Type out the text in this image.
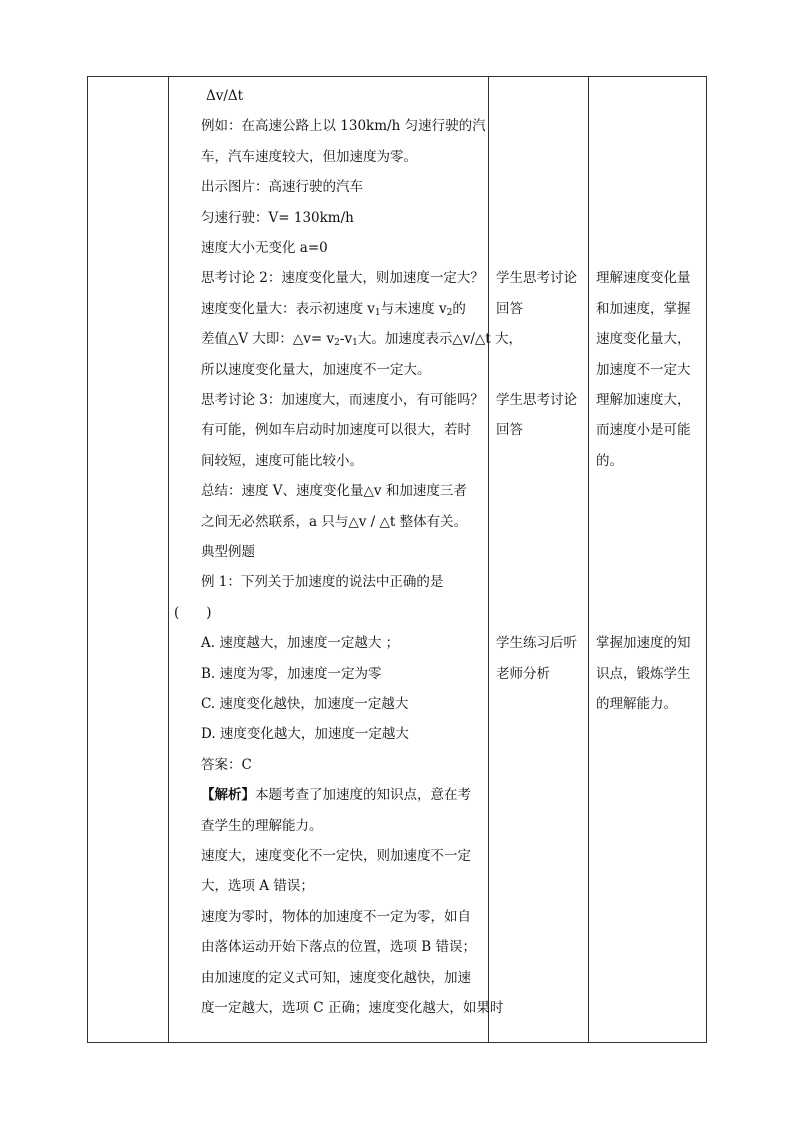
Δv/Δt
例如：在高速公路上以 130km/h 匀速行驶的汽
车，汽车速度较大，但加速度为零。
出示图片：高速行驶的汽车
匀速行驶：V= 130km/h
速度大小无变化 a=0
思考讨论 2：速度变化量大，则加速度一定大？
速度变化量大：表示初速度 $v_1$与末速度 $v_2$的
差值△V 大即：△v= $v_2-v_1$大。加速度表示△v/△t 大，
所以速度变化量大，加速度不一定大。
思考讨论 3：加速度大，而速度小，有可能吗？
有可能，例如车启动时加速度可以很大，若时
间较短，速度可能比较小。
总结：速度 V、速度变化量△v 和加速度三者
之间无必然联系，a 只与△v / △t 整体有关。
典型例题
例 1：下列关于加速度的说法中正确的是
(　　)
A. 速度越大，加速度一定越大 ；
B. 速度为零，加速度一定为零
C. 速度变化越快，加速度一定越大
D. 速度变化越大，加速度一定越大
答案：C
【解析】本题考查了加速度的知识点，意在考
查学生的理解能力。
速度大，速度变化不一定快，则加速度不一定
大，选项 A 错误；
速度为零时，物体的加速度不一定为零，如自
由落体运动开始下落点的位置，选项 B 错误；
由加速度的定义式可知，速度变化越快，加速
度一定越大，选项 C 正确；速度变化越大，如果时
学生思考讨论
回答
学生思考讨论
回答
学生练习后听
老师分析
理解速度变化量
和加速度，掌握
速度变化量大，
加速度不一定大
理解加速度大，
而速度小是可能
的。
掌握加速度的知
识点，锻炼学生
的理解能力。
